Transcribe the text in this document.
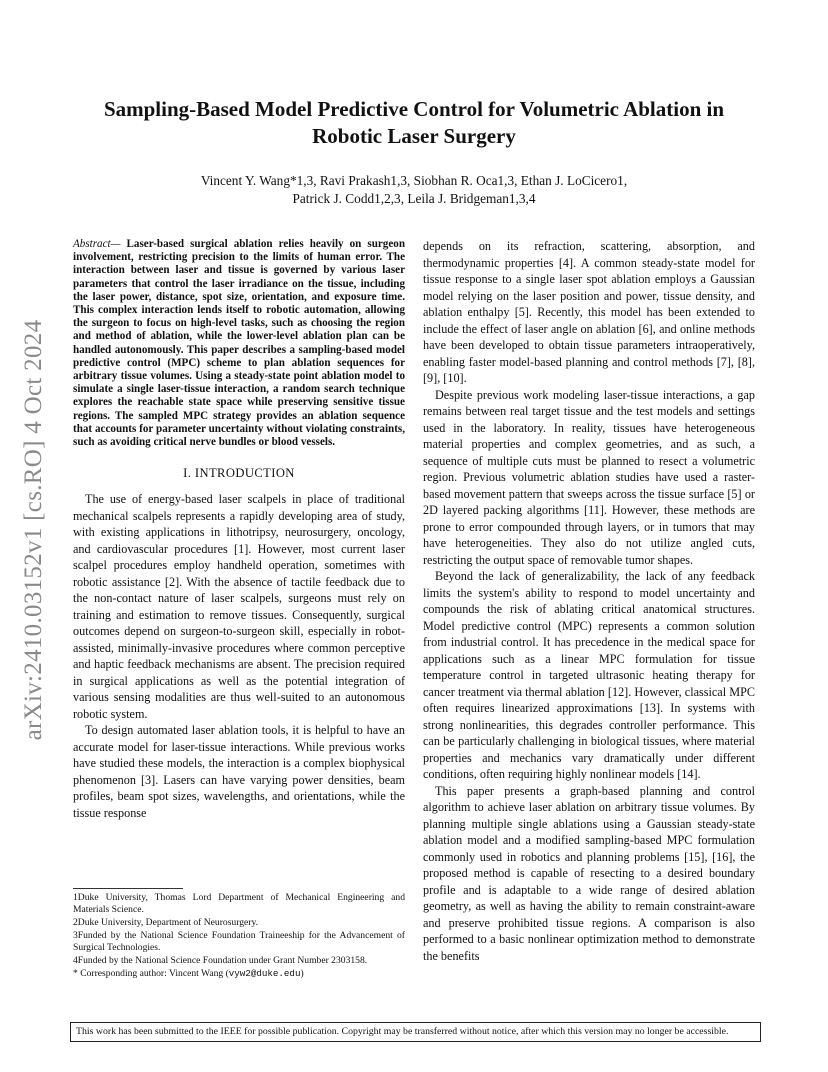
arXiv:2410.03152v1 [cs.RO] 4 Oct 2024
Sampling-Based Model Predictive Control for Volumetric Ablation in Robotic Laser Surgery
Vincent Y. Wang*1,3, Ravi Prakash1,3, Siobhan R. Oca1,3, Ethan J. LoCicero1,
Patrick J. Codd1,2,3, Leila J. Bridgeman1,3,4

Abstract— Laser-based surgical ablation relies heavily on surgeon involvement, restricting precision to the limits of human error. The interaction between laser and tissue is governed by various laser parameters that control the laser irradiance on the tissue, including the laser power, distance, spot size, orientation, and exposure time. This complex interaction lends itself to robotic automation, allowing the surgeon to focus on high-level tasks, such as choosing the region and method of ablation, while the lower-level ablation plan can be handled autonomously. This paper describes a sampling-based model predictive control (MPC) scheme to plan ablation sequences for arbitrary tissue volumes. Using a steady-state point ablation model to simulate a single laser-tissue interaction, a random search technique explores the reachable state space while preserving sensitive tissue regions. The sampled MPC strategy provides an ablation sequence that accounts for parameter uncertainty without violating constraints, such as avoiding critical nerve bundles or blood vessels.

I. INTRODUCTION

The use of energy-based laser scalpels in place of traditional mechanical scalpels represents a rapidly developing area of study, with existing applications in lithotripsy, neurosurgery, oncology, and cardiovascular procedures [1]. However, most current laser scalpel procedures employ handheld operation, sometimes with robotic assistance [2]. With the absence of tactile feedback due to the non-contact nature of laser scalpels, surgeons must rely on training and estimation to remove tissues. Consequently, surgical outcomes depend on surgeon-to-surgeon skill, especially in robot-assisted, minimally-invasive procedures where common perceptive and haptic feedback mechanisms are absent. The precision required in surgical applications as well as the potential integration of various sensing modalities are thus well-suited to an autonomous robotic system.

To design automated laser ablation tools, it is helpful to have an accurate model for laser-tissue interactions. While previous works have studied these models, the interaction is a complex biophysical phenomenon [3]. Lasers can have varying power densities, beam profiles, beam spot sizes, wavelengths, and orientations, while the tissue response

depends on its refraction, scattering, absorption, and thermodynamic properties [4]. A common steady-state model for tissue response to a single laser spot ablation employs a Gaussian model relying on the laser position and power, tissue density, and ablation enthalpy [5]. Recently, this model has been extended to include the effect of laser angle on ablation [6], and online methods have been developed to obtain tissue parameters intraoperatively, enabling faster model-based planning and control methods [7], [8], [9], [10].

Despite previous work modeling laser-tissue interactions, a gap remains between real target tissue and the test models and settings used in the laboratory. In reality, tissues have heterogeneous material properties and complex geometries, and as such, a sequence of multiple cuts must be planned to resect a volumetric region. Previous volumetric ablation studies have used a raster-based movement pattern that sweeps across the tissue surface [5] or 2D layered packing algorithms [11]. However, these methods are prone to error compounded through layers, or in tumors that may have heterogeneities. They also do not utilize angled cuts, restricting the output space of removable tumor shapes.

Beyond the lack of generalizability, the lack of any feedback limits the system's ability to respond to model uncertainty and compounds the risk of ablating critical anatomical structures. Model predictive control (MPC) represents a common solution from industrial control. It has precedence in the medical space for applications such as a linear MPC formulation for tissue temperature control in targeted ultrasonic heating therapy for cancer treatment via thermal ablation [12]. However, classical MPC often requires linearized approximations [13]. In systems with strong nonlinearities, this degrades controller performance. This can be particularly challenging in biological tissues, where material properties and mechanics vary dramatically under different conditions, often requiring highly nonlinear models [14].

This paper presents a graph-based planning and control algorithm to achieve laser ablation on arbitrary tissue volumes. By planning multiple single ablations using a Gaussian steady-state ablation model and a modified sampling-based MPC formulation commonly used in robotics and planning problems [15], [16], the proposed method is capable of resecting to a desired boundary profile and is adaptable to a wide range of desired ablation geometry, as well as having the ability to remain constraint-aware and preserve prohibited tissue regions. A comparison is also performed to a basic nonlinear optimization method to demonstrate the benefits

1Duke University, Thomas Lord Department of Mechanical Engineering and Materials Science.

2Duke University, Department of Neurosurgery.

3Funded by the National Science Foundation Traineeship for the Advancement of Surgical Technologies.

4Funded by the National Science Foundation under Grant Number 2303158.

* Corresponding author: Vincent Wang (vyw2@duke.edu)

This work has been submitted to the IEEE for possible publication. Copyright may be transferred without notice, after which this version may no longer be accessible.
